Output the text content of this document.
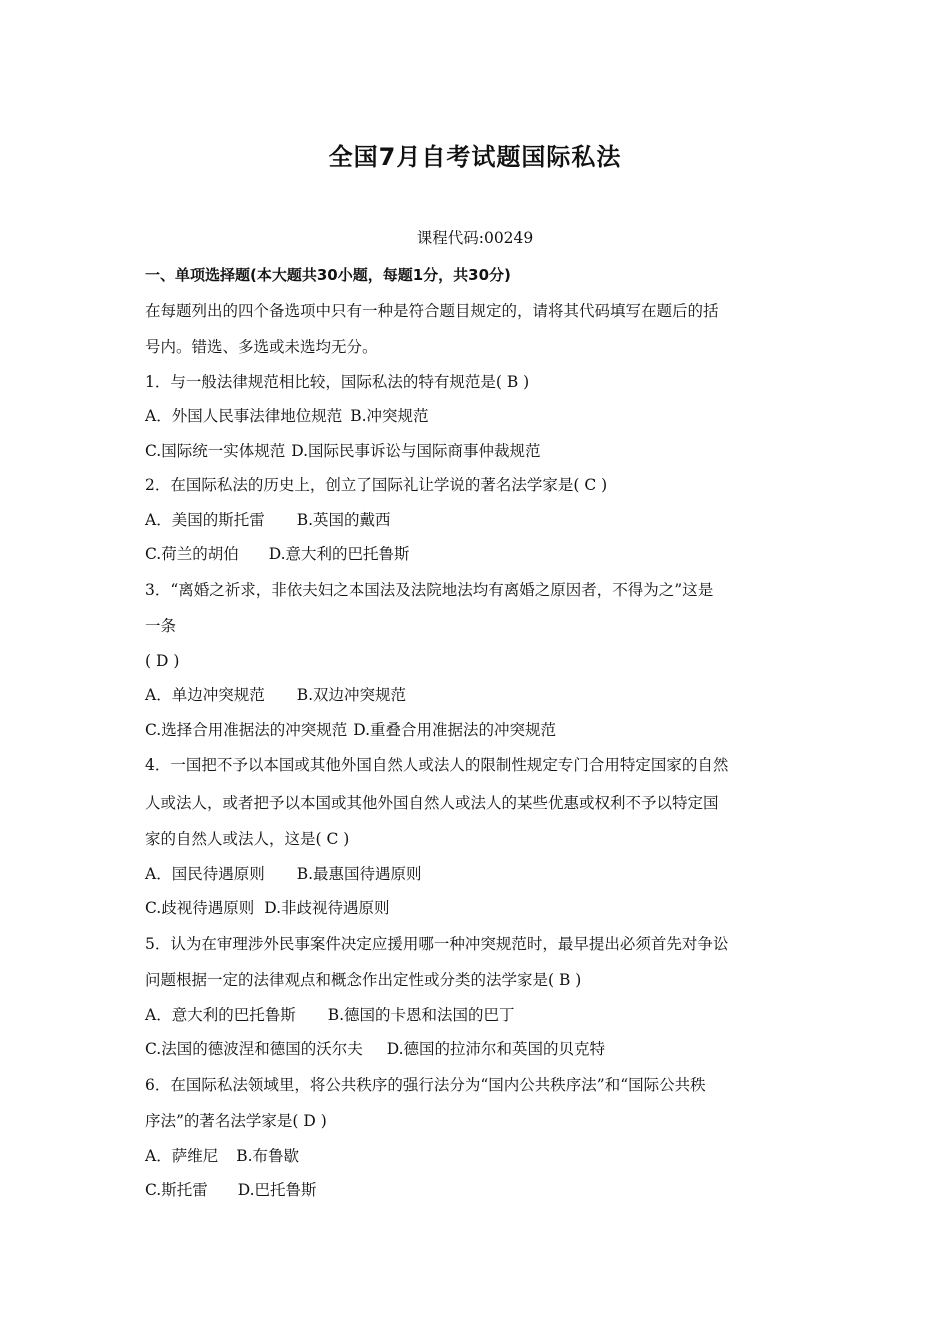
全国7月自考试题国际私法
课程代码:00249
一、单项选择题(本大题共30小题，每题1分，共30分)
在每题列出的四个备选项中只有一种是符合题目规定的，请将其代码填写在题后的括
号内。错选、多选或未选均无分。
1．与一般法律规范相比较，国际私法的特有规范是( B )
A．外国人民事法律地位规范 B.冲突规范
C.国际统一实体规范 D.国际民事诉讼与国际商事仲裁规范
2．在国际私法的历史上，创立了国际礼让学说的著名法学家是( C )
A．美国的斯托雷 B.英国的戴西
C.荷兰的胡伯 D.意大利的巴托鲁斯
3．“离婚之祈求，非依夫妇之本国法及法院地法均有离婚之原因者，不得为之”这是
一条
( D )
A．单边冲突规范 B.双边冲突规范
C.选择合用准据法的冲突规范 D.重叠合用准据法的冲突规范
4．一国把不予以本国或其他外国自然人或法人的限制性规定专门合用特定国家的自然
人或法人，或者把予以本国或其他外国自然人或法人的某些优惠或权利不予以特定国
家的自然人或法人，这是( C )
A．国民待遇原则 B.最惠国待遇原则
C.歧视待遇原则 D.非歧视待遇原则
5．认为在审理涉外民事案件决定应援用哪一种冲突规范时，最早提出必须首先对争讼
问题根据一定的法律观点和概念作出定性或分类的法学家是( B )
A．意大利的巴托鲁斯 B.德国的卡恩和法国的巴丁
C.法国的德波涅和德国的沃尔夫 D.德国的拉沛尔和英国的贝克特
6．在国际私法领域里，将公共秩序的强行法分为“国内公共秩序法”和“国际公共秩
序法”的著名法学家是( D )
A．萨维尼 B.布鲁歇
C.斯托雷 D.巴托鲁斯
